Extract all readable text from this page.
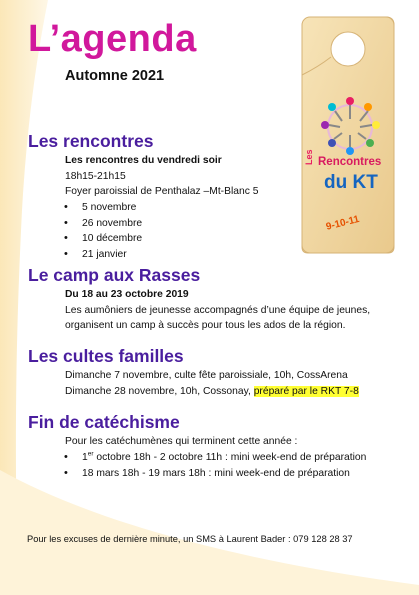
L’agenda

Automne 2021

Les Rencontres
du KT
9-10-11
Les rencontres

Les rencontres du vendredi soir

18h15-21h15

Foyer paroissial de Penthalaz –Mt-Blanc 5

• 5 novembre
• 26 novembre
• 10 décembre
• 21 janvier
Le camp aux Rasses

Du 18 au 23 octobre 2019

Les aumôniers de jeunesse accompagnés d’une équipe de jeunes,

organisent un camp à succès pour tous les ados de la région.

Les cultes familles

Dimanche 7 novembre, culte fête paroissiale, 10h, CossArena

Dimanche 28 novembre, 10h, Cossonay, préparé par le RKT 7-8

Fin de catéchisme

Pour les catéchumènes qui terminent cette année :

• 1er octobre 18h - 2 octobre 11h : mini week-end de préparation
• 18 mars 18h - 19 mars 18h : mini week-end de préparation

Pour les excuses de dernière minute, un SMS à Laurent Bader : 079 128 28 37
